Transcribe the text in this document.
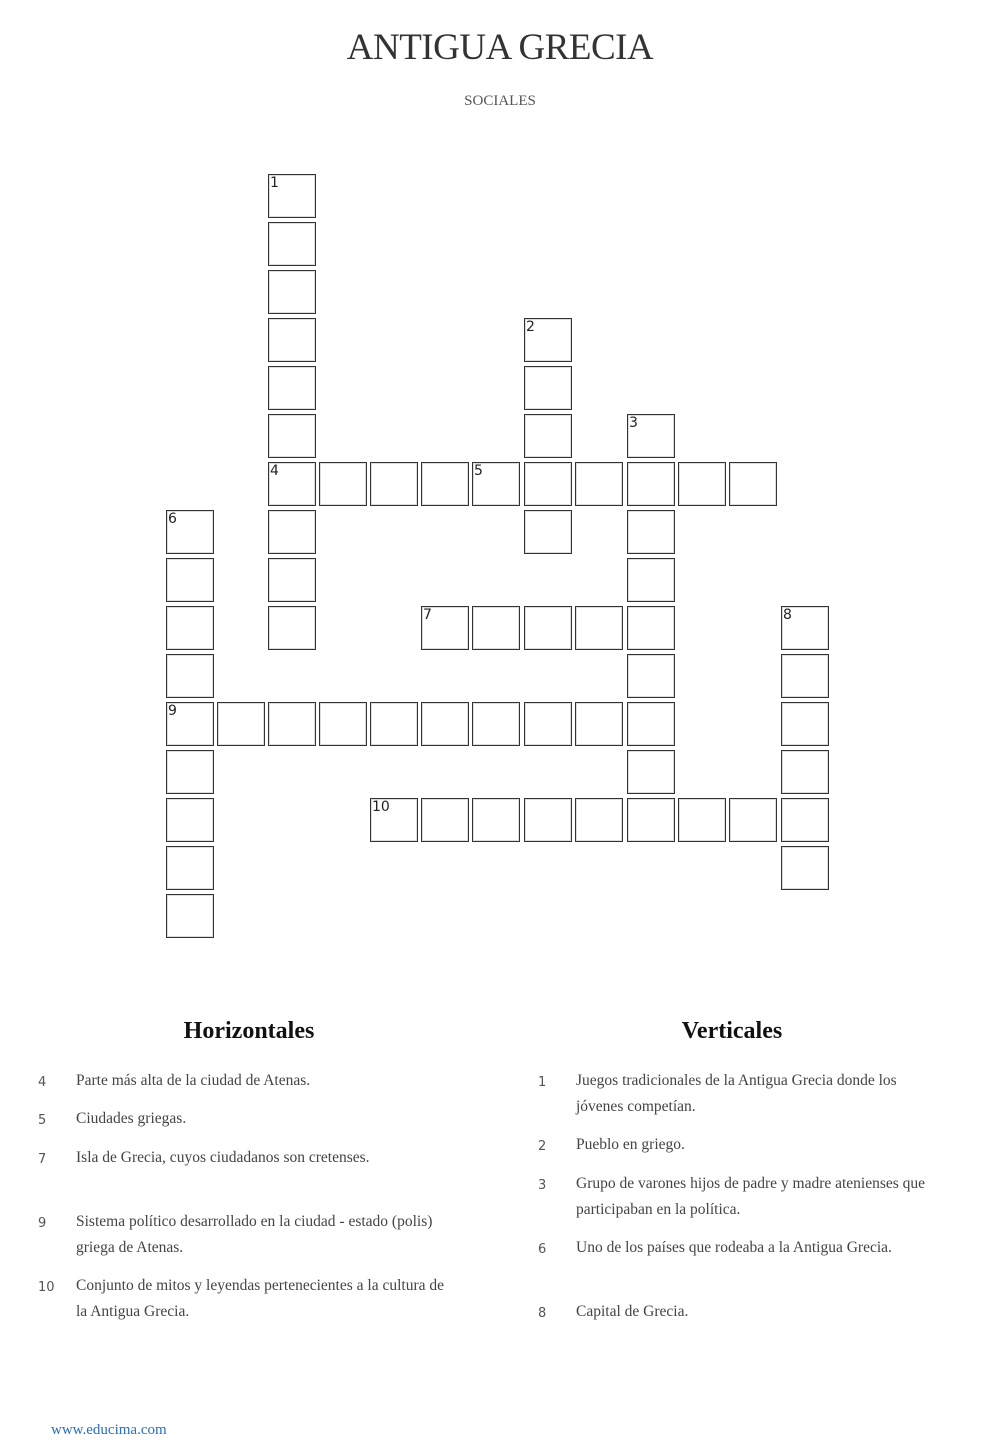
ANTIGUA GRECIA
SOCIALES
1
4
2
3
5
6
9
7	8
10
Horizontales	Verticales
4 Parte más alta de la ciudad de Atenas.
5 Ciudades griegas.
7 Isla de Grecia, cuyos ciudadanos son cretenses.
9 Sistema político desarrollado en la ciudad - estado (polis) griega de Atenas.
10 Conjunto de mitos y leyendas pertenecientes a la cultura de la Antigua Grecia.
1 Juegos tradicionales de la Antigua Grecia donde los jóvenes competían.
2 Pueblo en griego.
3 Grupo de varones hijos de padre y madre atenienses que participaban en la política.
6 Uno de los países que rodeaba a la Antigua Grecia.
8 Capital de Grecia.
www.educima.com
